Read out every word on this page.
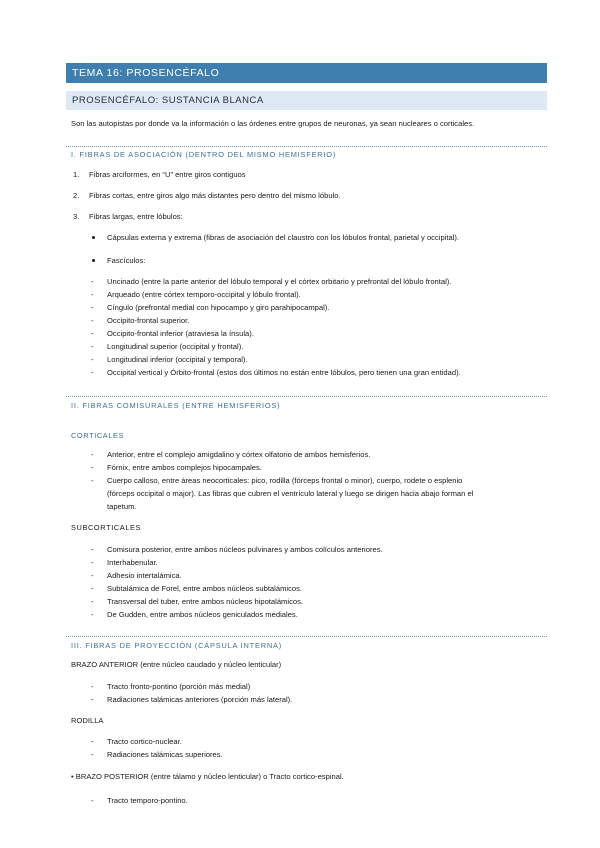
TEMA 16: PROSENCÉFALO
PROSENCÉFALO: SUSTANCIA BLANCA
Son las autopistas por donde va la información o las órdenes entre grupos de neuronas, ya sean nucleares o corticales.
I. FIBRAS DE ASOCIACIÓN (DENTRO DEL MISMO HEMISFERIO)
1. Fibras arciformes, en “U” entre giros contiguos
2. Fibras cortas, entre giros algo más distantes pero dentro del mismo lóbulo.
3. Fibras largas, entre lóbulos:
Cápsulas externa y extrema (fibras de asociación del claustro con los lóbulos frontal, parietal y occipital).
Fascículos:
- Uncinado (entre la parte anterior del lóbulo temporal y el córtex orbitario y prefrontal del lóbulo frontal).
- Arqueado (entre córtex temporo-occipital y lóbulo frontal).
- Cíngulo (prefrontal medial con hipocampo y giro parahipocampal).
- Occipito-frontal superior.
- Occipito-frontal inferior (atraviesa la ínsula).
- Longitudinal superior (occipital y frontal).
- Longitudinal inferior (occipital y temporal).
- Occipital vertical y Órbito-frontal (estos dos últimos no están entre lóbulos, pero tienen una gran entidad).
II. FIBRAS COMISURALES (ENTRE HEMISFERIOS)
CORTICALES
- Anterior, entre el complejo amigdalino y córtex olfatorio de ambos hemisferios.
- Fórnix, entre ambos complejos hipocampales.
- Cuerpo calloso, entre áreas neocorticales: pico, rodilla (fórceps frontal o minor), cuerpo, rodete o esplenio
(fórceps occipital o major). Las fibras que cubren el ventrículo lateral y luego se dirigen hacia abajo forman el
tapetum.
SUBCORTICALES
- Comisura posterior, entre ambos núcleos pulvinares y ambos colículos anteriores.
- Interhabenular.
- Adhesio intertalámica.
- Subtalámica de Forel, entre ambos núcleos subtalámicos.
- Transversal del tuber, entre ambos núcleos hipotalámicos.
- De Gudden, entre ambos núcleos geniculados mediales.
III. FIBRAS DE PROYECCIÓN (CÁPSULA INTERNA)
BRAZO ANTERIOR (entre núcleo caudado y núcleo lenticular)
- Tracto fronto-pontino (porción más medial)
- Radiaciones talámicas anteriores (porción más lateral).
RODILLA
- Tracto cortico-nuclear.
- Radiaciones talámicas superiores.
• BRAZO POSTERIOR (entre tálamo y núcleo lenticular) o Tracto cortico-espinal.
- Tracto temporo-pontino.
